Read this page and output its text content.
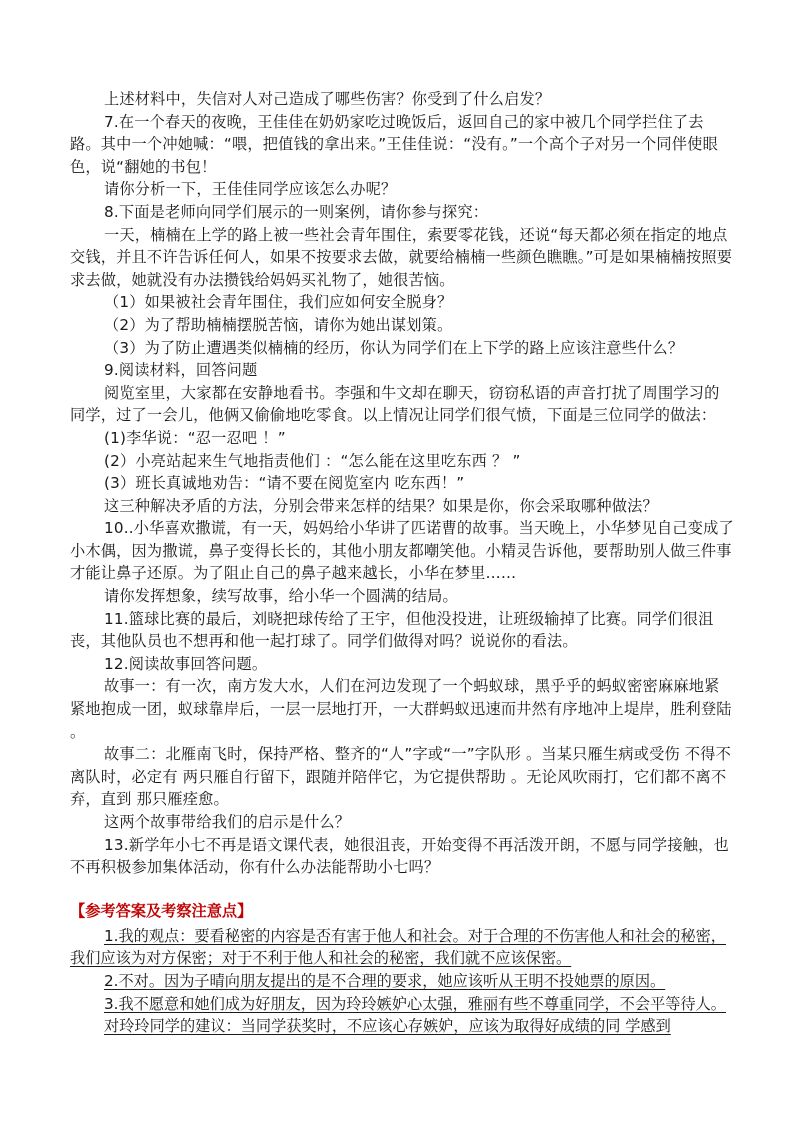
上述材料中，失信对人对己造成了哪些伤害？你受到了什么启发？

7.在一个春天的夜晚，王佳佳在奶奶家吃过晚饭后，返回自己的家中被几个同学拦住了去路。其中一个冲她喊：“喂，把值钱的拿出来。”王佳佳说：“没有。”一个高个子对另一个同伴使眼色，说“翻她的书包！

请你分析一下，王佳佳同学应该怎么办呢？

8.下面是老师向同学们展示的一则案例，请你参与探究：

一天，楠楠在上学的路上被一些社会青年围住，索要零花钱，还说“每天都必须在指定的地点交钱，并且不许告诉任何人，如果不按要求去做，就要给楠楠一些颜色瞧瞧。”可是如果楠楠按照要求去做，她就没有办法攒钱给妈妈买礼物了，她很苦恼。

（1）如果被社会青年围住，我们应如何安全脱身？

（2）为了帮助楠楠摆脱苦恼，请你为她出谋划策。

（3）为了防止遭遇类似楠楠的经历，你认为同学们在上下学的路上应该注意些什么？

9.阅读材料，回答问题

阅览室里，大家都在安静地看书。李强和牛文却在聊天，窃窃私语的声音打扰了周围学习的同学，过了一会儿，他俩又偷偷地吃零食。以上情况让同学们很气愤，下面是三位同学的做法：

(1)李华说：“忍一忍吧 ！”

(2）小亮站起来生气地指责他们 ：“怎么能在这里吃东西 ？ ”

(3）班长真诚地劝告：“请不要在阅览室内 吃东西！”

这三种解决矛盾的方法，分别会带来怎样的结果？如果是你，你会采取哪种做法？

10..小华喜欢撒谎，有一天，妈妈给小华讲了匹诺曹的故事。当天晚上，小华梦见自己变成了小木偶，因为撒谎，鼻子变得长长的，其他小朋友都嘲笑他。小精灵告诉他，要帮助别人做三件事才能让鼻子还原。为了阻止自己的鼻子越来越长，小华在梦里……

请你发挥想象，续写故事，给小华一个圆满的结局。

11.篮球比赛的最后，刘晓把球传给了王宇，但他没投进，让班级输掉了比赛。同学们很沮丧，其他队员也不想再和他一起打球了。同学们做得对吗？说说你的看法。

12.阅读故事回答问题。

故事一：有一次，南方发大水，人们在河边发现了一个蚂蚁球，黑乎乎的蚂蚁密密麻麻地紧紧地抱成一团，蚁球靠岸后，一层一层地打开，一大群蚂蚁迅速而井然有序地冲上堤岸，胜利登陆 。

故事二：北雁南飞时，保持严格、整齐的“人”字或“一”字队形 。当某只雁生病或受伤 不得不离队时，必定有 两只雁自行留下，跟随并陪伴它，为它提供帮助 。无论风吹雨打，它们都不离不弃，直到 那只雁痊愈。

这两个故事带给我们的启示是什么？

13.新学年小七不再是语文课代表，她很沮丧，开始变得不再活泼开朗，不愿与同学接触，也不再积极参加集体活动，你有什么办法能帮助小七吗？

【参考答案及考察注意点】

1.我的观点：要看秘密的内容是否有害于他人和社会。对于合理的不伤害他人和社会的秘密，我们应该为对方保密；对于不利于他人和社会的秘密，我们就不应该保密。

2.不对。因为子晴向朋友提出的是不合理的要求，她应该听从王明不投她票的原因。

3.我不愿意和她们成为好朋友，因为玲玲嫉妒心太强，雅丽有些不尊重同学，不会平等待人。

对玲玲同学的建议：当同学获奖时，不应该心存嫉妒，应该为取得好成绩的同 学感到
